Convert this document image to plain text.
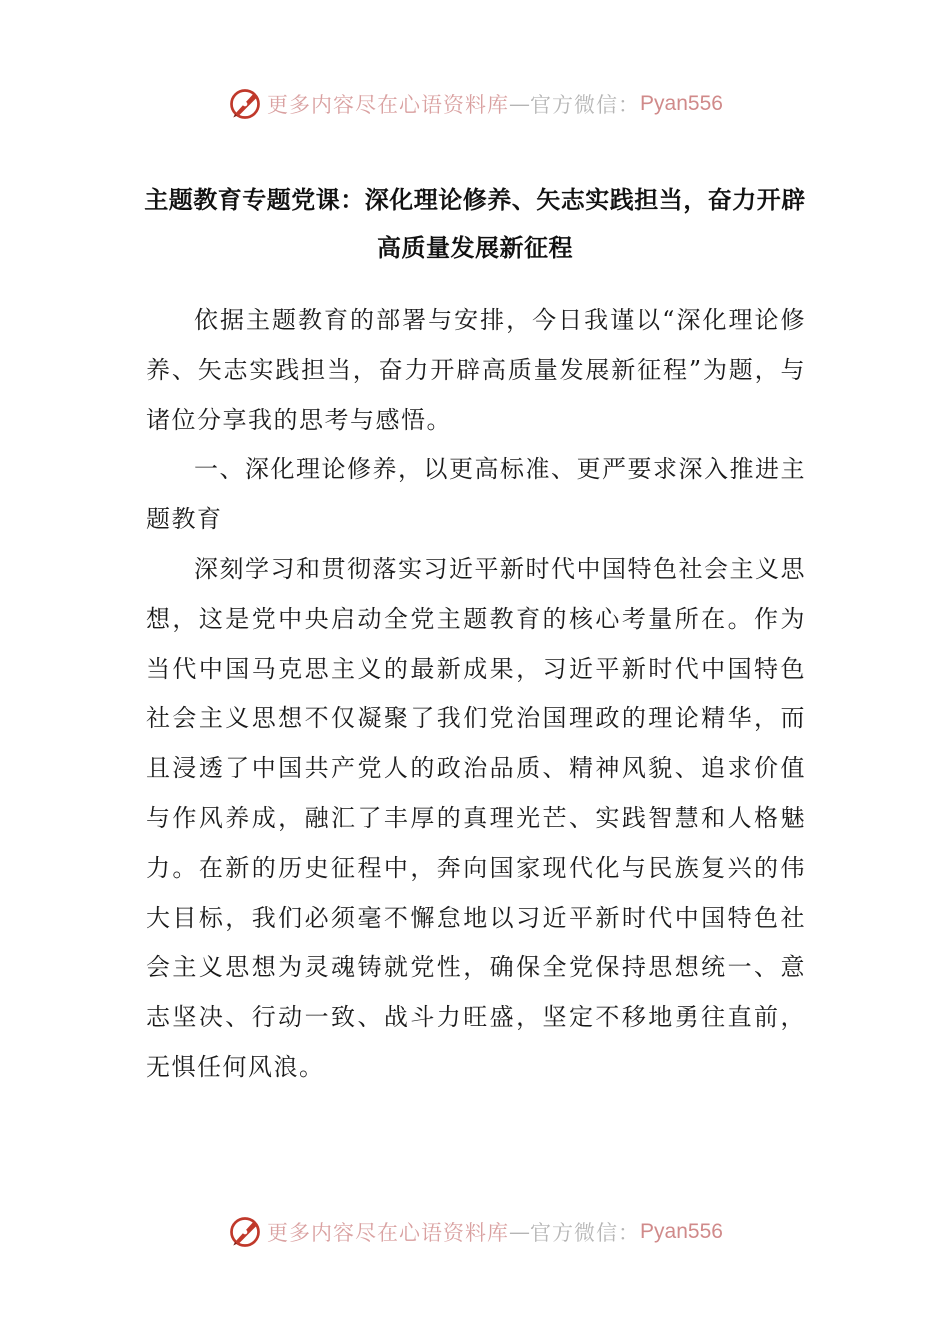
更多内容尽在心语资料库 — 官方微信： Pyan556
主题教育专题党课：深化理论修养、矢志实践担当，奋力开辟高质量发展新征程

依据主题教育的部署与安排，今日我谨以“深化理论修养、矢志实践担当，奋力开辟高质量发展新征程”为题，与诸位分享我的思考与感悟。

一、深化理论修养，以更高标准、更严要求深入推进主题教育

深刻学习和贯彻落实习近平新时代中国特色社会主义思想，这是党中央启动全党主题教育的核心考量所在。作为当代中国马克思主义的最新成果，习近平新时代中国特色社会主义思想不仅凝聚了我们党治国理政的理论精华，而且浸透了中国共产党人的政治品质、精神风貌、追求价值与作风养成，融汇了丰厚的真理光芒、实践智慧和人格魅力。在新的历史征程中，奔向国家现代化与民族复兴的伟大目标，我们必须毫不懈怠地以习近平新时代中国特色社会主义思想为灵魂铸就党性，确保全党保持思想统一、意志坚决、行动一致、战斗力旺盛，坚定不移地勇往直前，无惧任何风浪。

更多内容尽在心语资料库 — 官方微信： Pyan556
